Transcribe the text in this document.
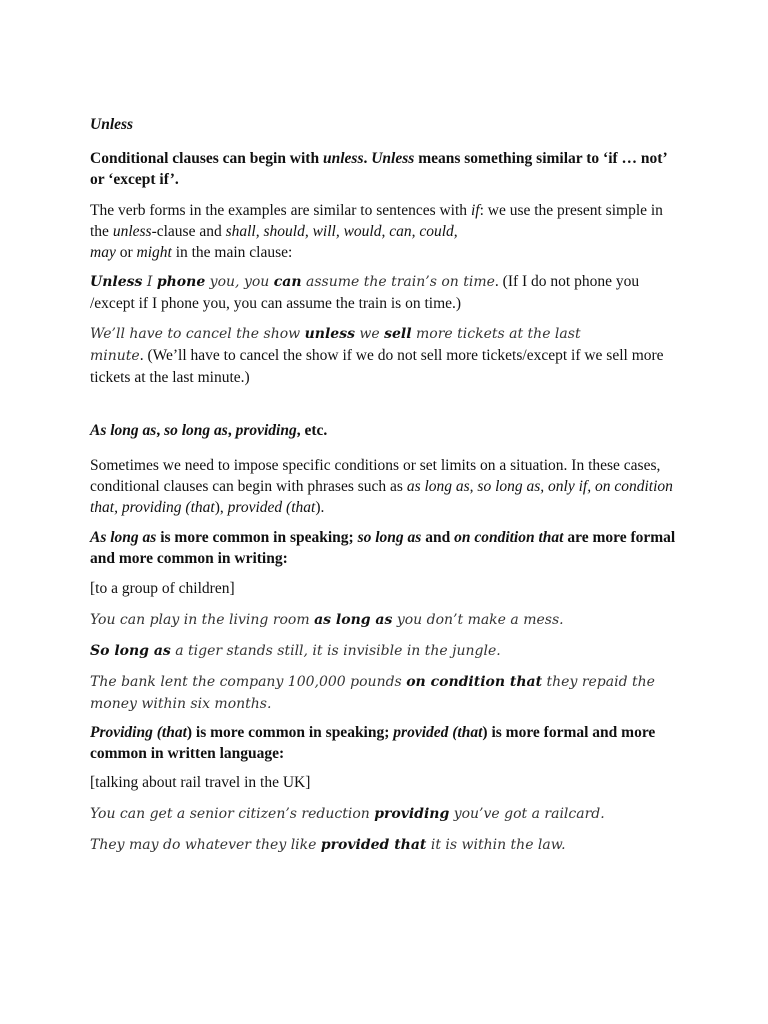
Unless

Conditional clauses can begin with unless. Unless means something similar to ‘if … not’ or ‘except if’.

The verb forms in the examples are similar to sentences with if: we use the present simple in the unless-clause and shall, should, will, would, can, could,
may or might in the main clause:

Unless I phone you, you can assume the train’s on time. (If I do not phone you /except if I phone you, you can assume the train is on time.)

We’ll have to cancel the show unless we sell more tickets at the last
minute. (We’ll have to cancel the show if we do not sell more tickets/except if we sell more tickets at the last minute.)

As long as, so long as, providing, etc.

Sometimes we need to impose specific conditions or set limits on a situation. In these cases, conditional clauses can begin with phrases such as as long as, so long as, only if, on condition that, providing (that), provided (that).

As long as is more common in speaking; so long as and on condition that are more formal and more common in writing:

[to a group of children]

You can play in the living room as long as you don’t make a mess.

So long as a tiger stands still, it is invisible in the jungle.

The bank lent the company 100,000 pounds on condition that they repaid the money within six months.

Providing (that) is more common in speaking; provided (that) is more formal and more common in written language:

[talking about rail travel in the UK]

You can get a senior citizen’s reduction providing you’ve got a railcard.

They may do whatever they like provided that it is within the law.
